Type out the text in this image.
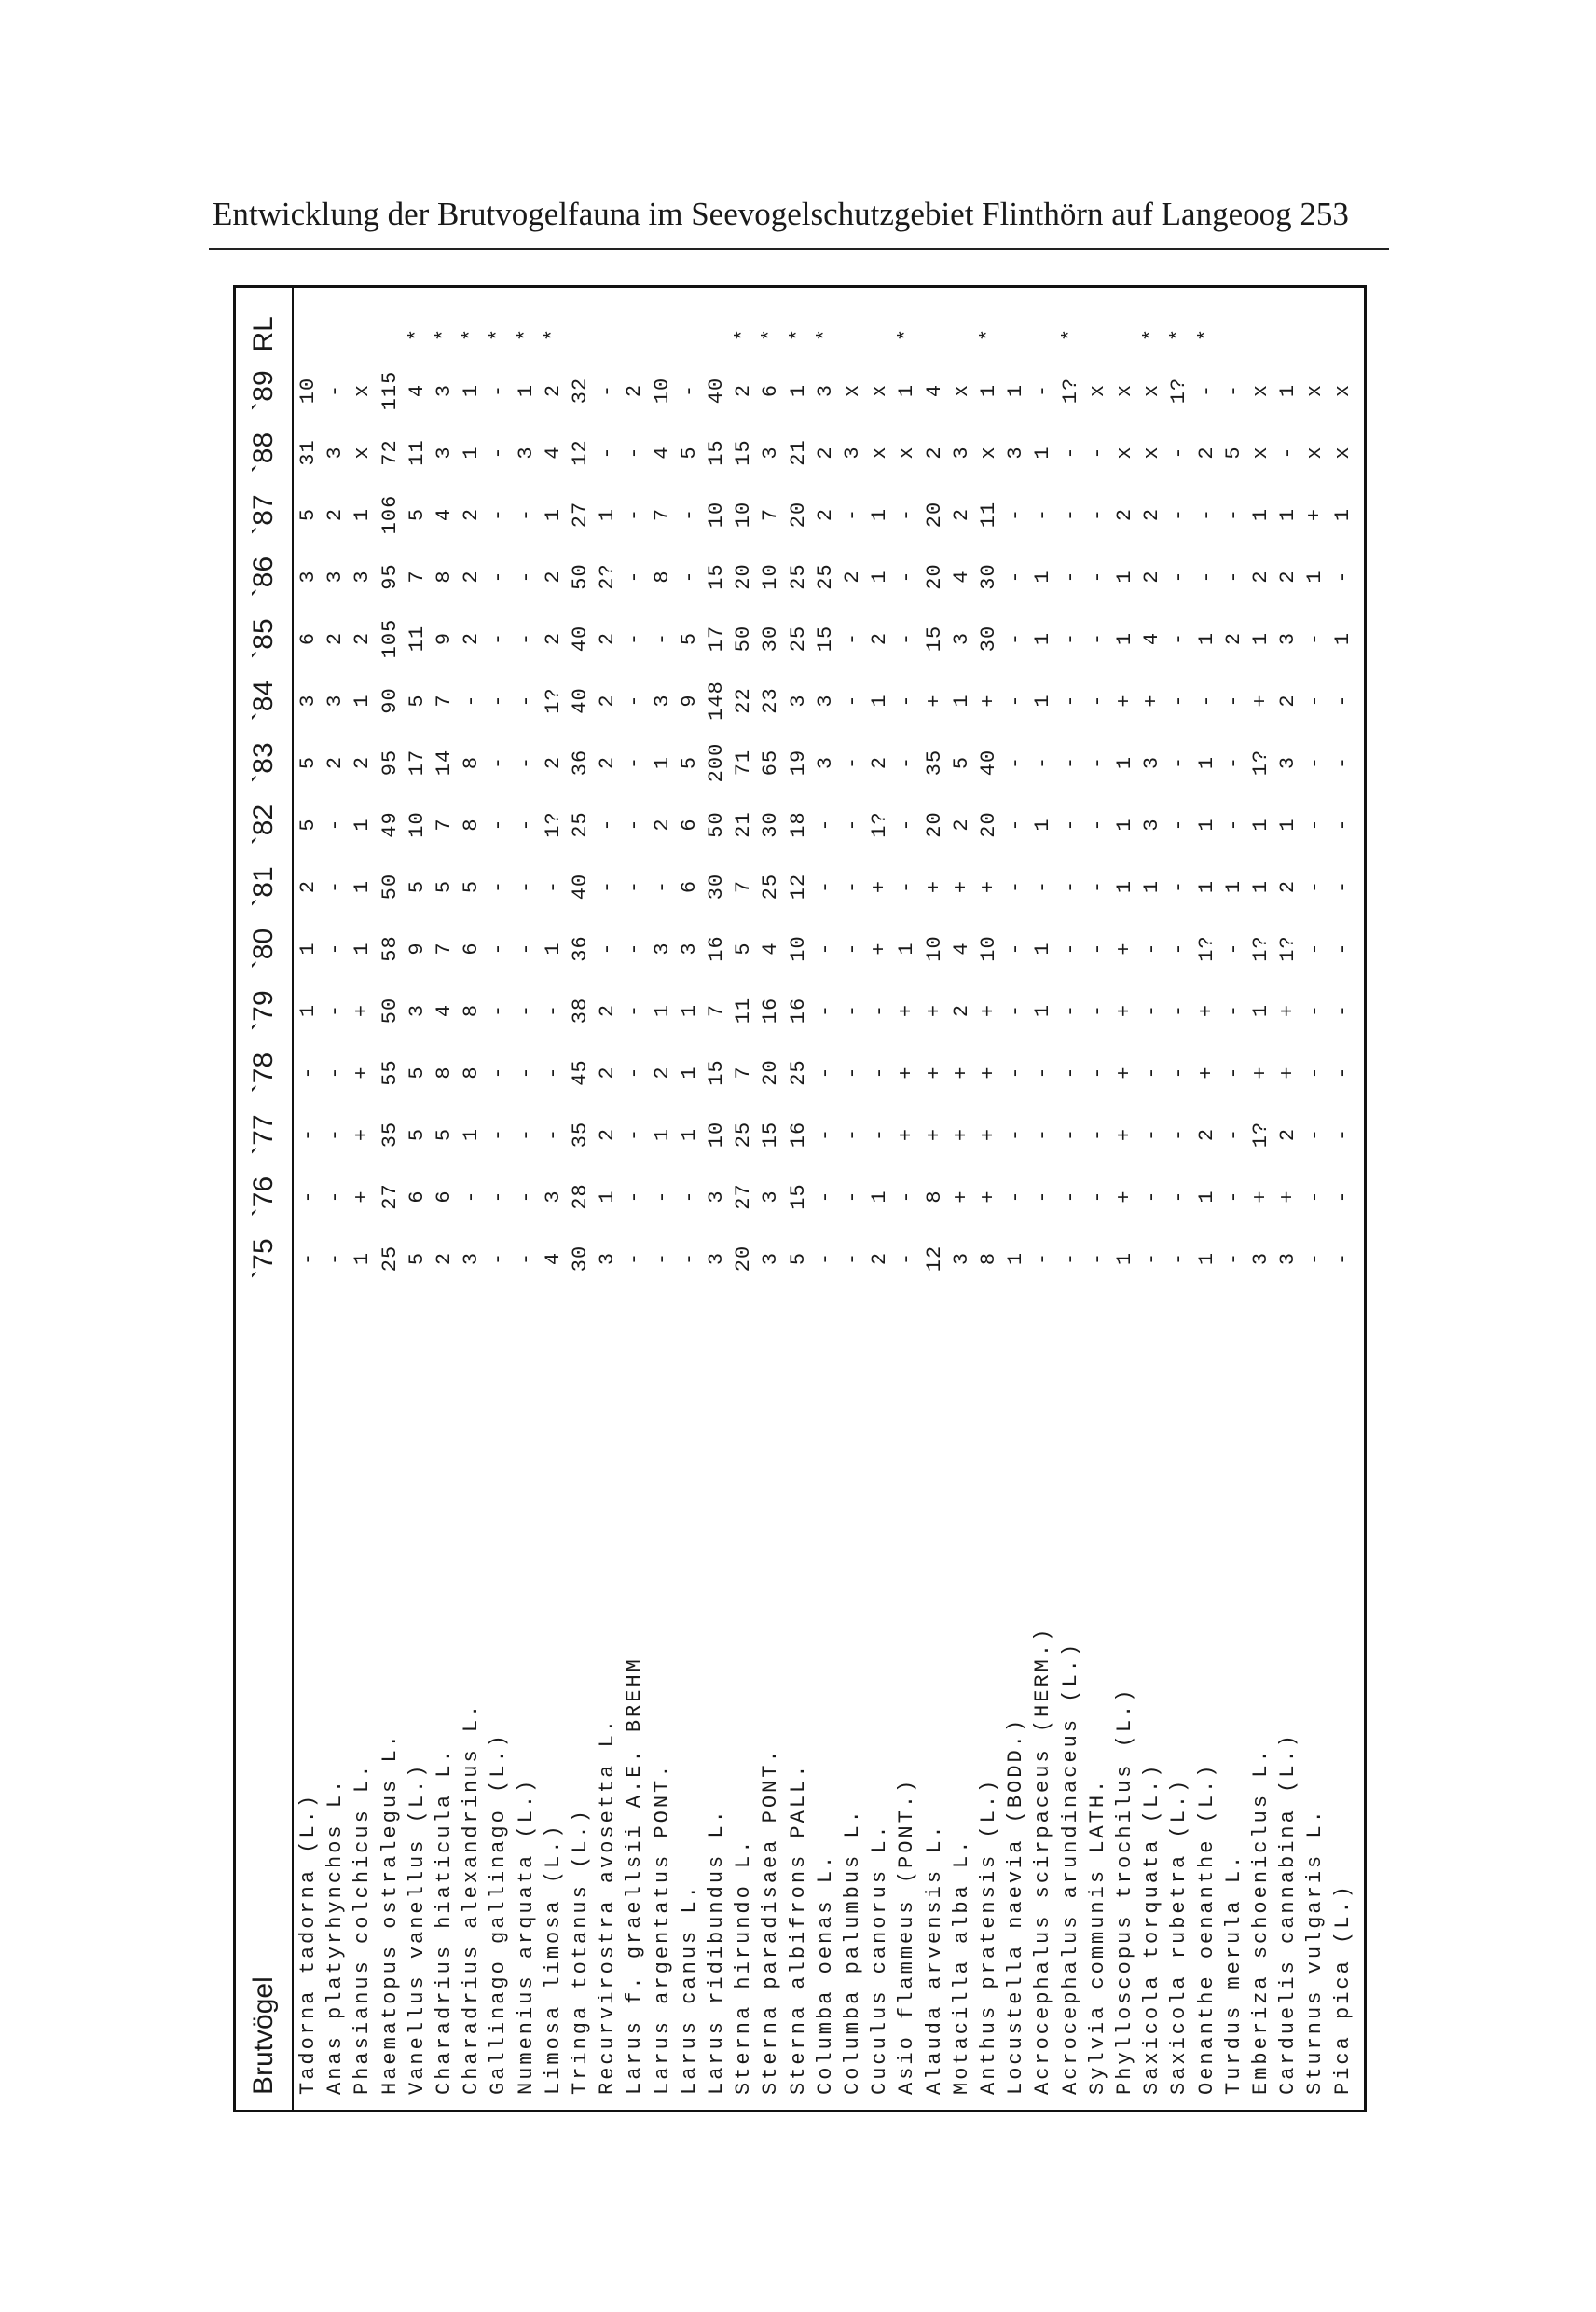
Entwicklung der Brutvogelfauna im Seevogelschutzgebiet Flinthörn auf Langeoog 253
Brutvögel
`75
`76
`77
`78
`79
`80
`81
`82
`83
`84
`85
`86
`87
`88
`89
RL
Tadorna tadorna (L.)
-
-
-
-
1
1
2
5
5
3
6
3
5
31
10
Anas platyrhynchos L.
-
-
-
-
-
-
-
-
2
3
2
3
2
3
-
Phasianus colchicus L.
1
+
+
+
+
1
1
1
2
1
2
3
1
x
x
Haematopus ostralegus L.
25
27
35
55
50
58
50
49
95
90
105
95
106
72
115
Vanellus vanellus (L.)
5
6
5
5
3
9
5
10
17
5
11
7
5
11
4
*
Charadrius hiaticula L.
2
6
5
8
4
7
5
7
14
7
9
8
4
3
3
*
Charadrius alexandrinus L.
3
-
1
8
8
6
5
8
8
-
2
2
2
1
1
*
Gallinago gallinago (L.)
-
-
-
-
-
-
-
-
-
-
-
-
-
-
-
*
Numenius arquata (L.)
-
-
-
-
-
-
-
-
-
-
-
-
-
3
1
*
Limosa limosa (L.)
4
3
-
-
-
1
-
1?
2
1?
2
2
1
4
2
*
Tringa totanus (L.)
30
28
35
45
38
36
40
25
36
40
40
50
27
12
32
Recurvirostra avosetta L.
3
1
2
2
2
-
-
-
2
2
2
2?
1
-
-
Larus f. graellsii A.E. BREHM
-
-
-
-
-
-
-
-
-
-
-
-
-
-
2
Larus argentatus PONT.
-
-
1
2
1
3
-
2
1
3
-
8
7
4
10
Larus canus L.
-
-
1
1
1
3
6
6
5
9
5
-
-
5
-
Larus ridibundus L.
3
3
10
15
7
16
30
50
200
148
17
15
10
15
40
Sterna hirundo L.
20
27
25
7
11
5
7
21
71
22
50
20
10
15
2
*
Sterna paradisaea PONT.
3
3
15
20
16
4
25
30
65
23
30
10
7
3
6
*
Sterna albifrons PALL.
5
15
16
25
16
10
12
18
19
3
25
25
20
21
1
*
Columba oenas L.
-
-
-
-
-
-
-
-
3
3
15
25
2
2
3
*
Columba palumbus L.
-
-
-
-
-
-
-
-
-
-
-
2
-
3
x
Cuculus canorus L.
2
1
-
-
-
+
+
1?
2
1
2
1
1
x
x
Asio flammeus (PONT.)
-
-
+
+
+
1
-
-
-
-
-
-
-
x
1
*
Alauda arvensis L.
12
8
+
+
+
10
+
20
35
+
15
20
20
2
4
Motacilla alba L.
3
+
+
+
2
4
+
2
5
1
3
4
2
3
x
Anthus pratensis (L.)
8
+
+
+
+
10
+
20
40
+
30
30
11
x
1
*
Locustella naevia (BODD.)
1
-
-
-
-
-
-
-
-
-
-
-
-
3
1
Acrocephalus scirpaceus (HERM.)
-
-
-
-
1
1
-
1
-
1
1
1
-
1
-
Acrocephalus arundinaceus (L.)
-
-
-
-
-
-
-
-
-
-
-
-
-
-
1?
*
Sylvia communis LATH.
-
-
-
-
-
-
-
-
-
-
-
-
-
-
x
Phylloscopus trochilus (L.)
1
+
+
+
+
+
1
1
1
+
1
1
2
x
x
Saxicola torquata (L.)
-
-
-
-
-
-
1
3
3
+
4
2
2
x
x
*
Saxicola rubetra (L.)
-
-
-
-
-
-
-
-
-
-
-
-
-
-
1?
*
Oenanthe oenanthe (L.)
1
1
2
+
+
1?
1
1
1
-
1
-
-
2
-
*
Turdus merula L.
-
-
-
-
-
-
1
-
-
-
2
-
-
5
-
Emberiza schoeniclus L.
3
+
1?
+
1
1?
1
1
1?
+
1
2
1
x
x
Carduelis cannabina (L.)
3
+
2
+
+
1?
2
1
3
2
3
2
1
-
1
Sturnus vulgaris L.
-
-
-
-
-
-
-
-
-
-
-
1
+
x
x
Pica pica (L.)
-
-
-
-
-
-
-
-
-
-
1
-
1
x
x
